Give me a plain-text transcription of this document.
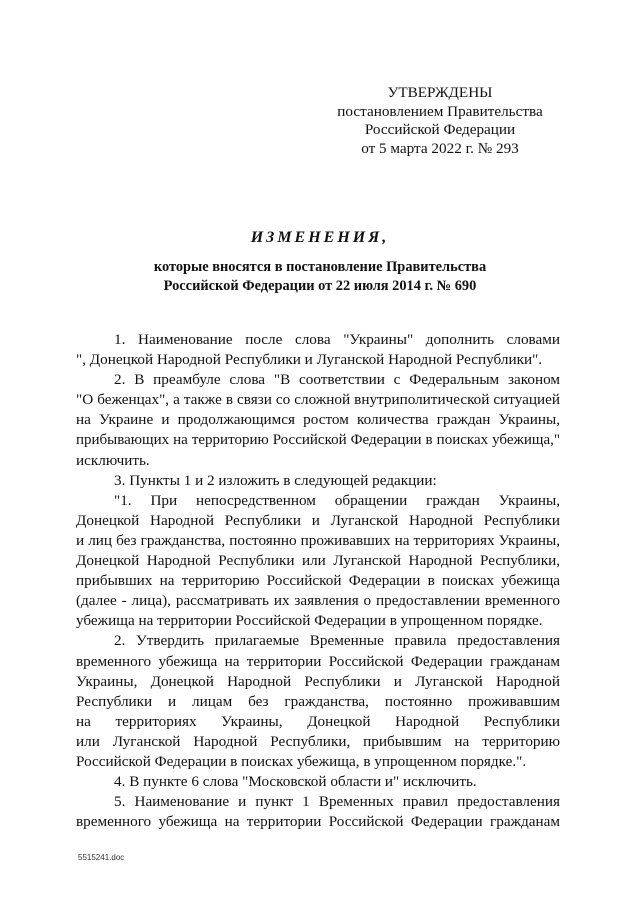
УТВЕРЖДЕНЫ
постановлением Правительства
Российской Федерации
от 5 марта 2022 г. № 293
ИЗМЕНЕНИЯ,
которые вносятся в постановление Правительства
Российской Федерации от 22 июля 2014 г. № 690
1. Наименование после слова "Украины" дополнить словами
", Донецкой Народной Республики и Луганской Народной Республики".
2. В преамбуле слова "В соответствии с Федеральным законом
"О беженцах", а также в связи со сложной внутриполитической ситуацией
на Украине и продолжающимся ростом количества граждан Украины,
прибывающих на территорию Российской Федерации в поисках убежища,"
исключить.
3. Пункты 1 и 2 изложить в следующей редакции:
"1. При непосредственном обращении граждан Украины,
Донецкой Народной Республики и Луганской Народной Республики
и лиц без гражданства, постоянно проживавших на территориях Украины,
Донецкой Народной Республики или Луганской Народной Республики,
прибывших на территорию Российской Федерации в поисках убежища
(далее - лица), рассматривать их заявления о предоставлении временного
убежища на территории Российской Федерации в упрощенном порядке.
2. Утвердить прилагаемые Временные правила предоставления
временного убежища на территории Российской Федерации гражданам
Украины, Донецкой Народной Республики и Луганской Народной
Республики и лицам без гражданства, постоянно проживавшим
на территориях Украины, Донецкой Народной Республики
или Луганской Народной Республики, прибывшим на территорию
Российской Федерации в поисках убежища, в упрощенном порядке.".
4. В пункте 6 слова "Московской области и" исключить.
5. Наименование и пункт 1 Временных правил предоставления
временного убежища на территории Российской Федерации гражданам
5515241.doc
